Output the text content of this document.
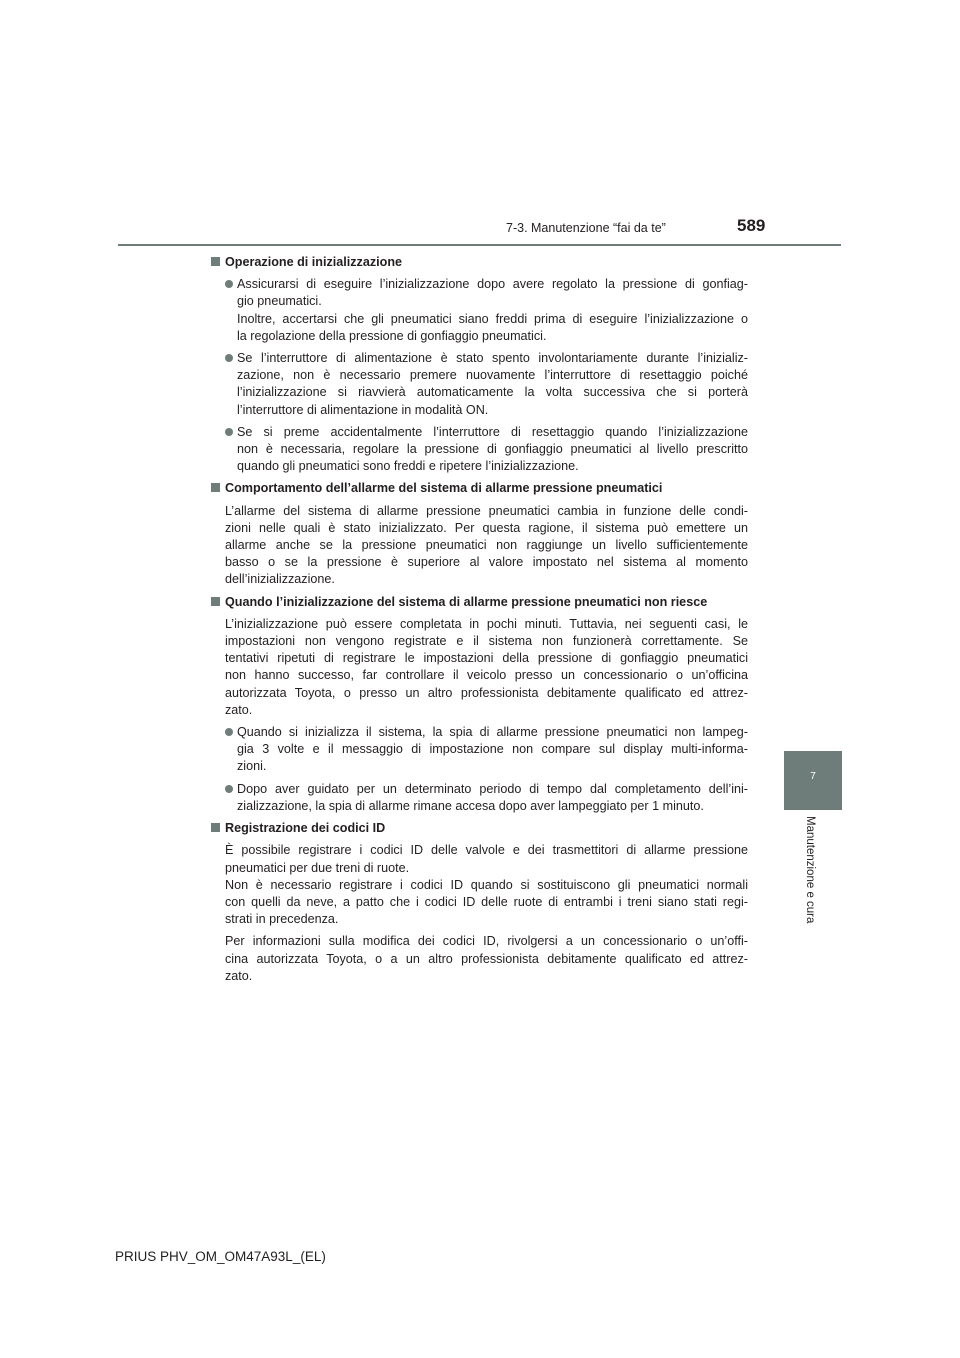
7-3. Manutenzione “fai da te”	589
7
Manutenzione e cura
Operazione di inizializzazione
Assicurarsi di eseguire l’inizializzazione dopo avere regolato la pressione di gonfiag-
gio pneumatici.
Inoltre, accertarsi che gli pneumatici siano freddi prima di eseguire l’inizializzazione o
la regolazione della pressione di gonfiaggio pneumatici.
Se l’interruttore di alimentazione è stato spento involontariamente durante l’inizializ-
zazione, non è necessario premere nuovamente l’interruttore di resettaggio poiché
l’inizializzazione si riavvierà automaticamente la volta successiva che si porterà
l’interruttore di alimentazione in modalità ON.
Se si preme accidentalmente l’interruttore di resettaggio quando l’inizializzazione
non è necessaria, regolare la pressione di gonfiaggio pneumatici al livello prescritto
quando gli pneumatici sono freddi e ripetere l’inizializzazione.
Comportamento dell’allarme del sistema di allarme pressione pneumatici
L’allarme del sistema di allarme pressione pneumatici cambia in funzione delle condi-
zioni nelle quali è stato inizializzato. Per questa ragione, il sistema può emettere un
allarme anche se la pressione pneumatici non raggiunge un livello sufficientemente
basso o se la pressione è superiore al valore impostato nel sistema al momento
dell’inizializzazione.
Quando l’inizializzazione del sistema di allarme pressione pneumatici non riesce
L’inizializzazione può essere completata in pochi minuti. Tuttavia, nei seguenti casi, le
impostazioni non vengono registrate e il sistema non funzionerà correttamente. Se
tentativi ripetuti di registrare le impostazioni della pressione di gonfiaggio pneumatici
non hanno successo, far controllare il veicolo presso un concessionario o un’officina
autorizzata Toyota, o presso un altro professionista debitamente qualificato ed attrez-
zato.
Quando si inizializza il sistema, la spia di allarme pressione pneumatici non lampeg-
gia 3 volte e il messaggio di impostazione non compare sul display multi-informa-
zioni.
Dopo aver guidato per un determinato periodo di tempo dal completamento dell’ini-
zializzazione, la spia di allarme rimane accesa dopo aver lampeggiato per 1 minuto.
Registrazione dei codici ID
È possibile registrare i codici ID delle valvole e dei trasmettitori di allarme pressione
pneumatici per due treni di ruote.
Non è necessario registrare i codici ID quando si sostituiscono gli pneumatici normali
con quelli da neve, a patto che i codici ID delle ruote di entrambi i treni siano stati regi-
strati in precedenza.
Per informazioni sulla modifica dei codici ID, rivolgersi a un concessionario o un’offi-
cina autorizzata Toyota, o a un altro professionista debitamente qualificato ed attrez-
zato.
PRIUS PHV_OM_OM47A93L_(EL)
